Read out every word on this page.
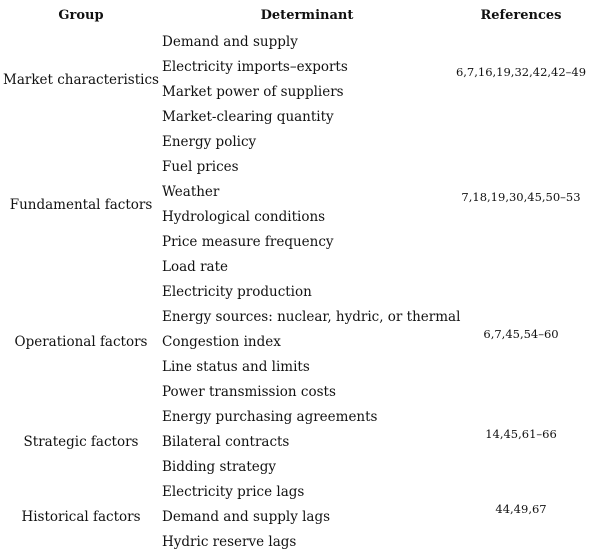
Group	Determinant	References
Market characteristics
Demand and supply
Electricity imports–exports
Market power of suppliers
Market-clearing quantity
6,7,16,19,32,42,42–49
Fundamental factors
Energy policy
Fuel prices
Weather
Hydrological conditions
Price measure frequency
Load rate
7,18,19,30,45,50–53
Operational factors
Electricity production
Energy sources: nuclear, hydric, or thermal
Congestion index
Line status and limits
Power transmission costs
6,7,45,54–60
Strategic factors
Energy purchasing agreements
Bilateral contracts
Bidding strategy
14,45,61–66
Historical factors
Electricity price lags
Demand and supply lags
Hydric reserve lags
44,49,67
